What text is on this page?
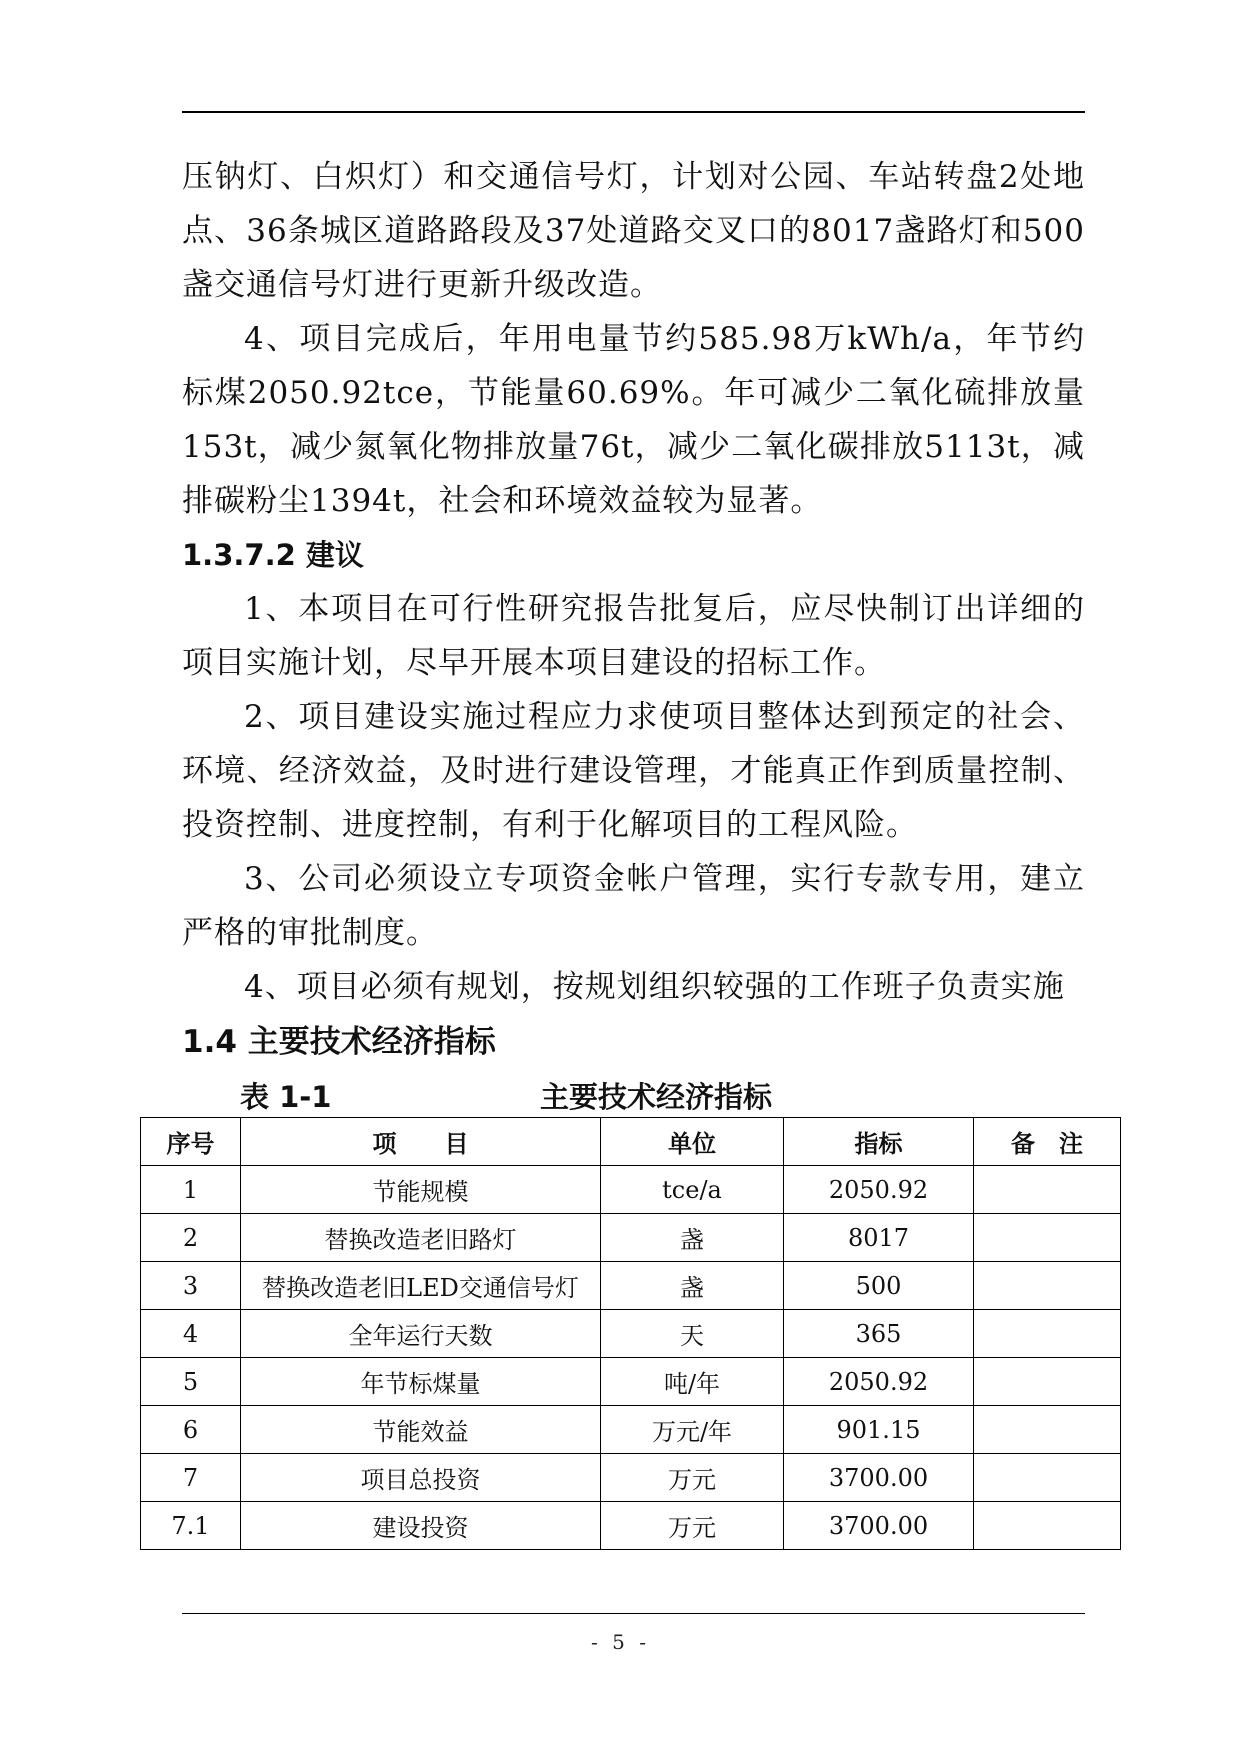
压钠灯、白炽灯）和交通信号灯，计划对公园、车站转盘2处地点、36条城区道路路段及37处道路交叉口的8017盏路灯和500盏交通信号灯进行更新升级改造。

4、项目完成后，年用电量节约585.98万kWh/a，年节约标煤2050.92tce，节能量60.69%。年可减少二氧化硫排放量153t，减少氮氧化物排放量76t，减少二氧化碳排放5113t，减排碳粉尘1394t，社会和环境效益较为显著。

1.3.7.2 建议

1、本项目在可行性研究报告批复后，应尽快制订出详细的项目实施计划，尽早开展本项目建设的招标工作。

2、项目建设实施过程应力求使项目整体达到预定的社会、环境、经济效益，及时进行建设管理，才能真正作到质量控制、投资控制、进度控制，有利于化解项目的工程风险。

3、公司必须设立专项资金帐户管理，实行专款专用，建立严格的审批制度。

4、项目必须有规划，按规划组织较强的工作班子负责实施

1.4 主要技术经济指标
表 1-1	主要技术经济指标
序号	项　　目	单位	指标	备　注
1	节能规模	tce/a	2050.92	
2	替换改造老旧路灯	盏	8017	
3	替换改造老旧LED交通信号灯	盏	500	
4	全年运行天数	天	365	
5	年节标煤量	吨/年	2050.92	
6	节能效益	万元/年	901.15	
7	项目总投资	万元	3700.00	
7.1	建设投资	万元	3700.00	
- 5 -
